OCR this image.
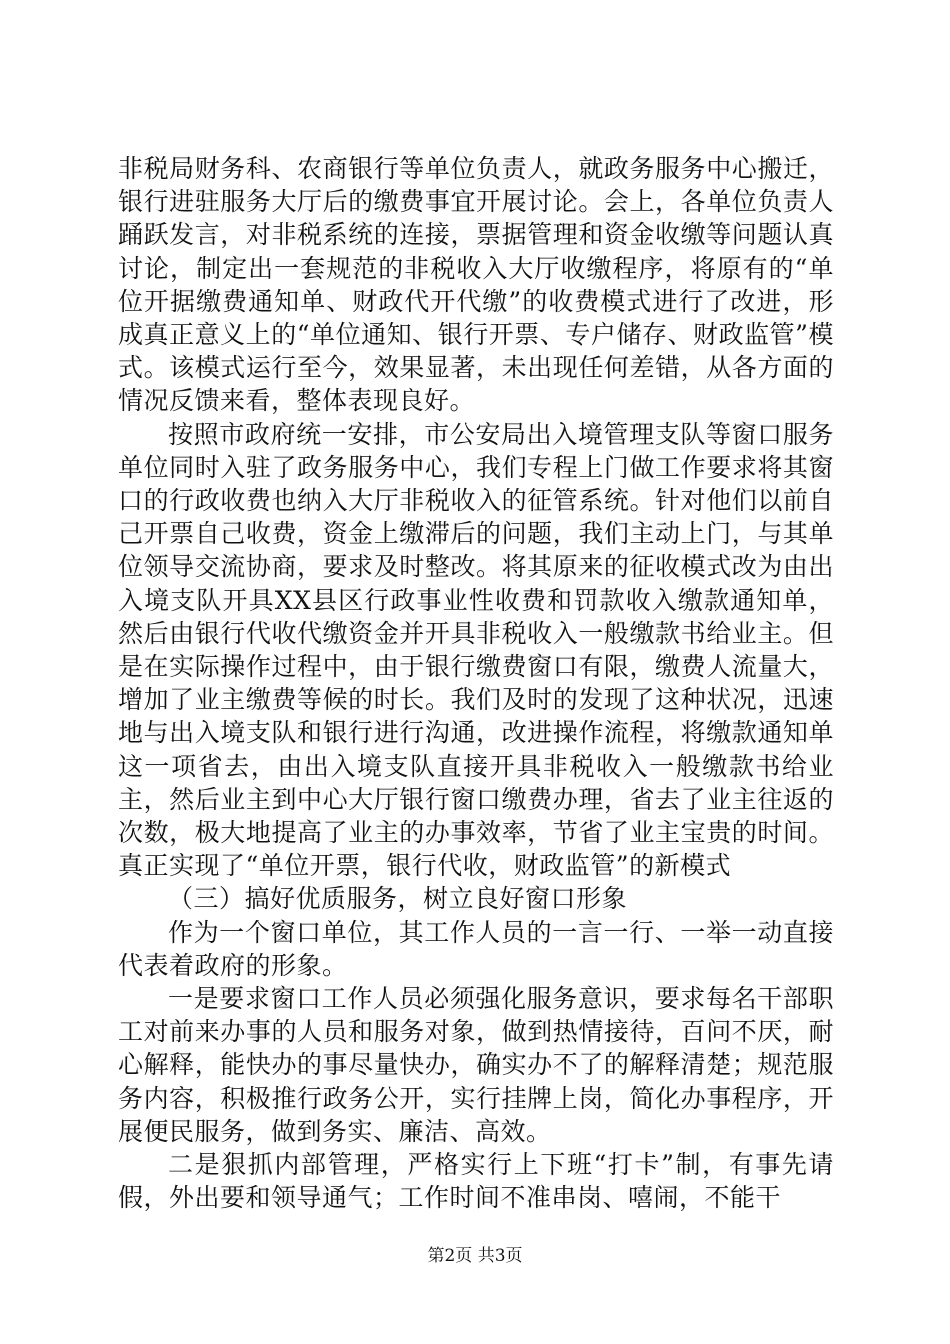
非税局财务科、农商银行等单位负责人，就政务服务中心搬迁，银行进驻服务大厅后的缴费事宜开展讨论。会上，各单位负责人踊跃发言，对非税系统的连接，票据管理和资金收缴等问题认真讨论，制定出一套规范的非税收入大厅收缴程序，将原有的“单位开据缴费通知单、财政代开代缴”的收费模式进行了改进，形成真正意义上的“单位通知、银行开票、专户储存、财政监管”模式。该模式运行至今，效果显著，未出现任何差错，从各方面的情况反馈来看，整体表现良好。

按照市政府统一安排，市公安局出入境管理支队等窗口服务单位同时入驻了政务服务中心，我们专程上门做工作要求将其窗口的行政收费也纳入大厅非税收入的征管系统。针对他们以前自己开票自己收费，资金上缴滞后的问题，我们主动上门，与其单位领导交流协商，要求及时整改。将其原来的征收模式改为由出入境支队开具XX县区行政事业性收费和罚款收入缴款通知单，然后由银行代收代缴资金并开具非税收入一般缴款书给业主。但是在实际操作过程中，由于银行缴费窗口有限，缴费人流量大，增加了业主缴费等候的时长。我们及时的发现了这种状况，迅速地与出入境支队和银行进行沟通，改进操作流程，将缴款通知单这一项省去，由出入境支队直接开具非税收入一般缴款书给业主，然后业主到中心大厅银行窗口缴费办理，省去了业主往返的次数，极大地提高了业主的办事效率，节省了业主宝贵的时间。真正实现了“单位开票，银行代收，财政监管”的新模式

（三）搞好优质服务，树立良好窗口形象

作为一个窗口单位，其工作人员的一言一行、一举一动直接代表着政府的形象。

一是要求窗口工作人员必须强化服务意识，要求每名干部职工对前来办事的人员和服务对象，做到热情接待，百问不厌，耐心解释，能快办的事尽量快办，确实办不了的解释清楚；规范服务内容，积极推行政务公开，实行挂牌上岗，简化办事程序，开展便民服务，做到务实、廉洁、高效。

二是狠抓内部管理，严格实行上下班“打卡”制，有事先请假，外出要和领导通气；工作时间不准串岗、嘻闹，不能干

第2页 共3页
